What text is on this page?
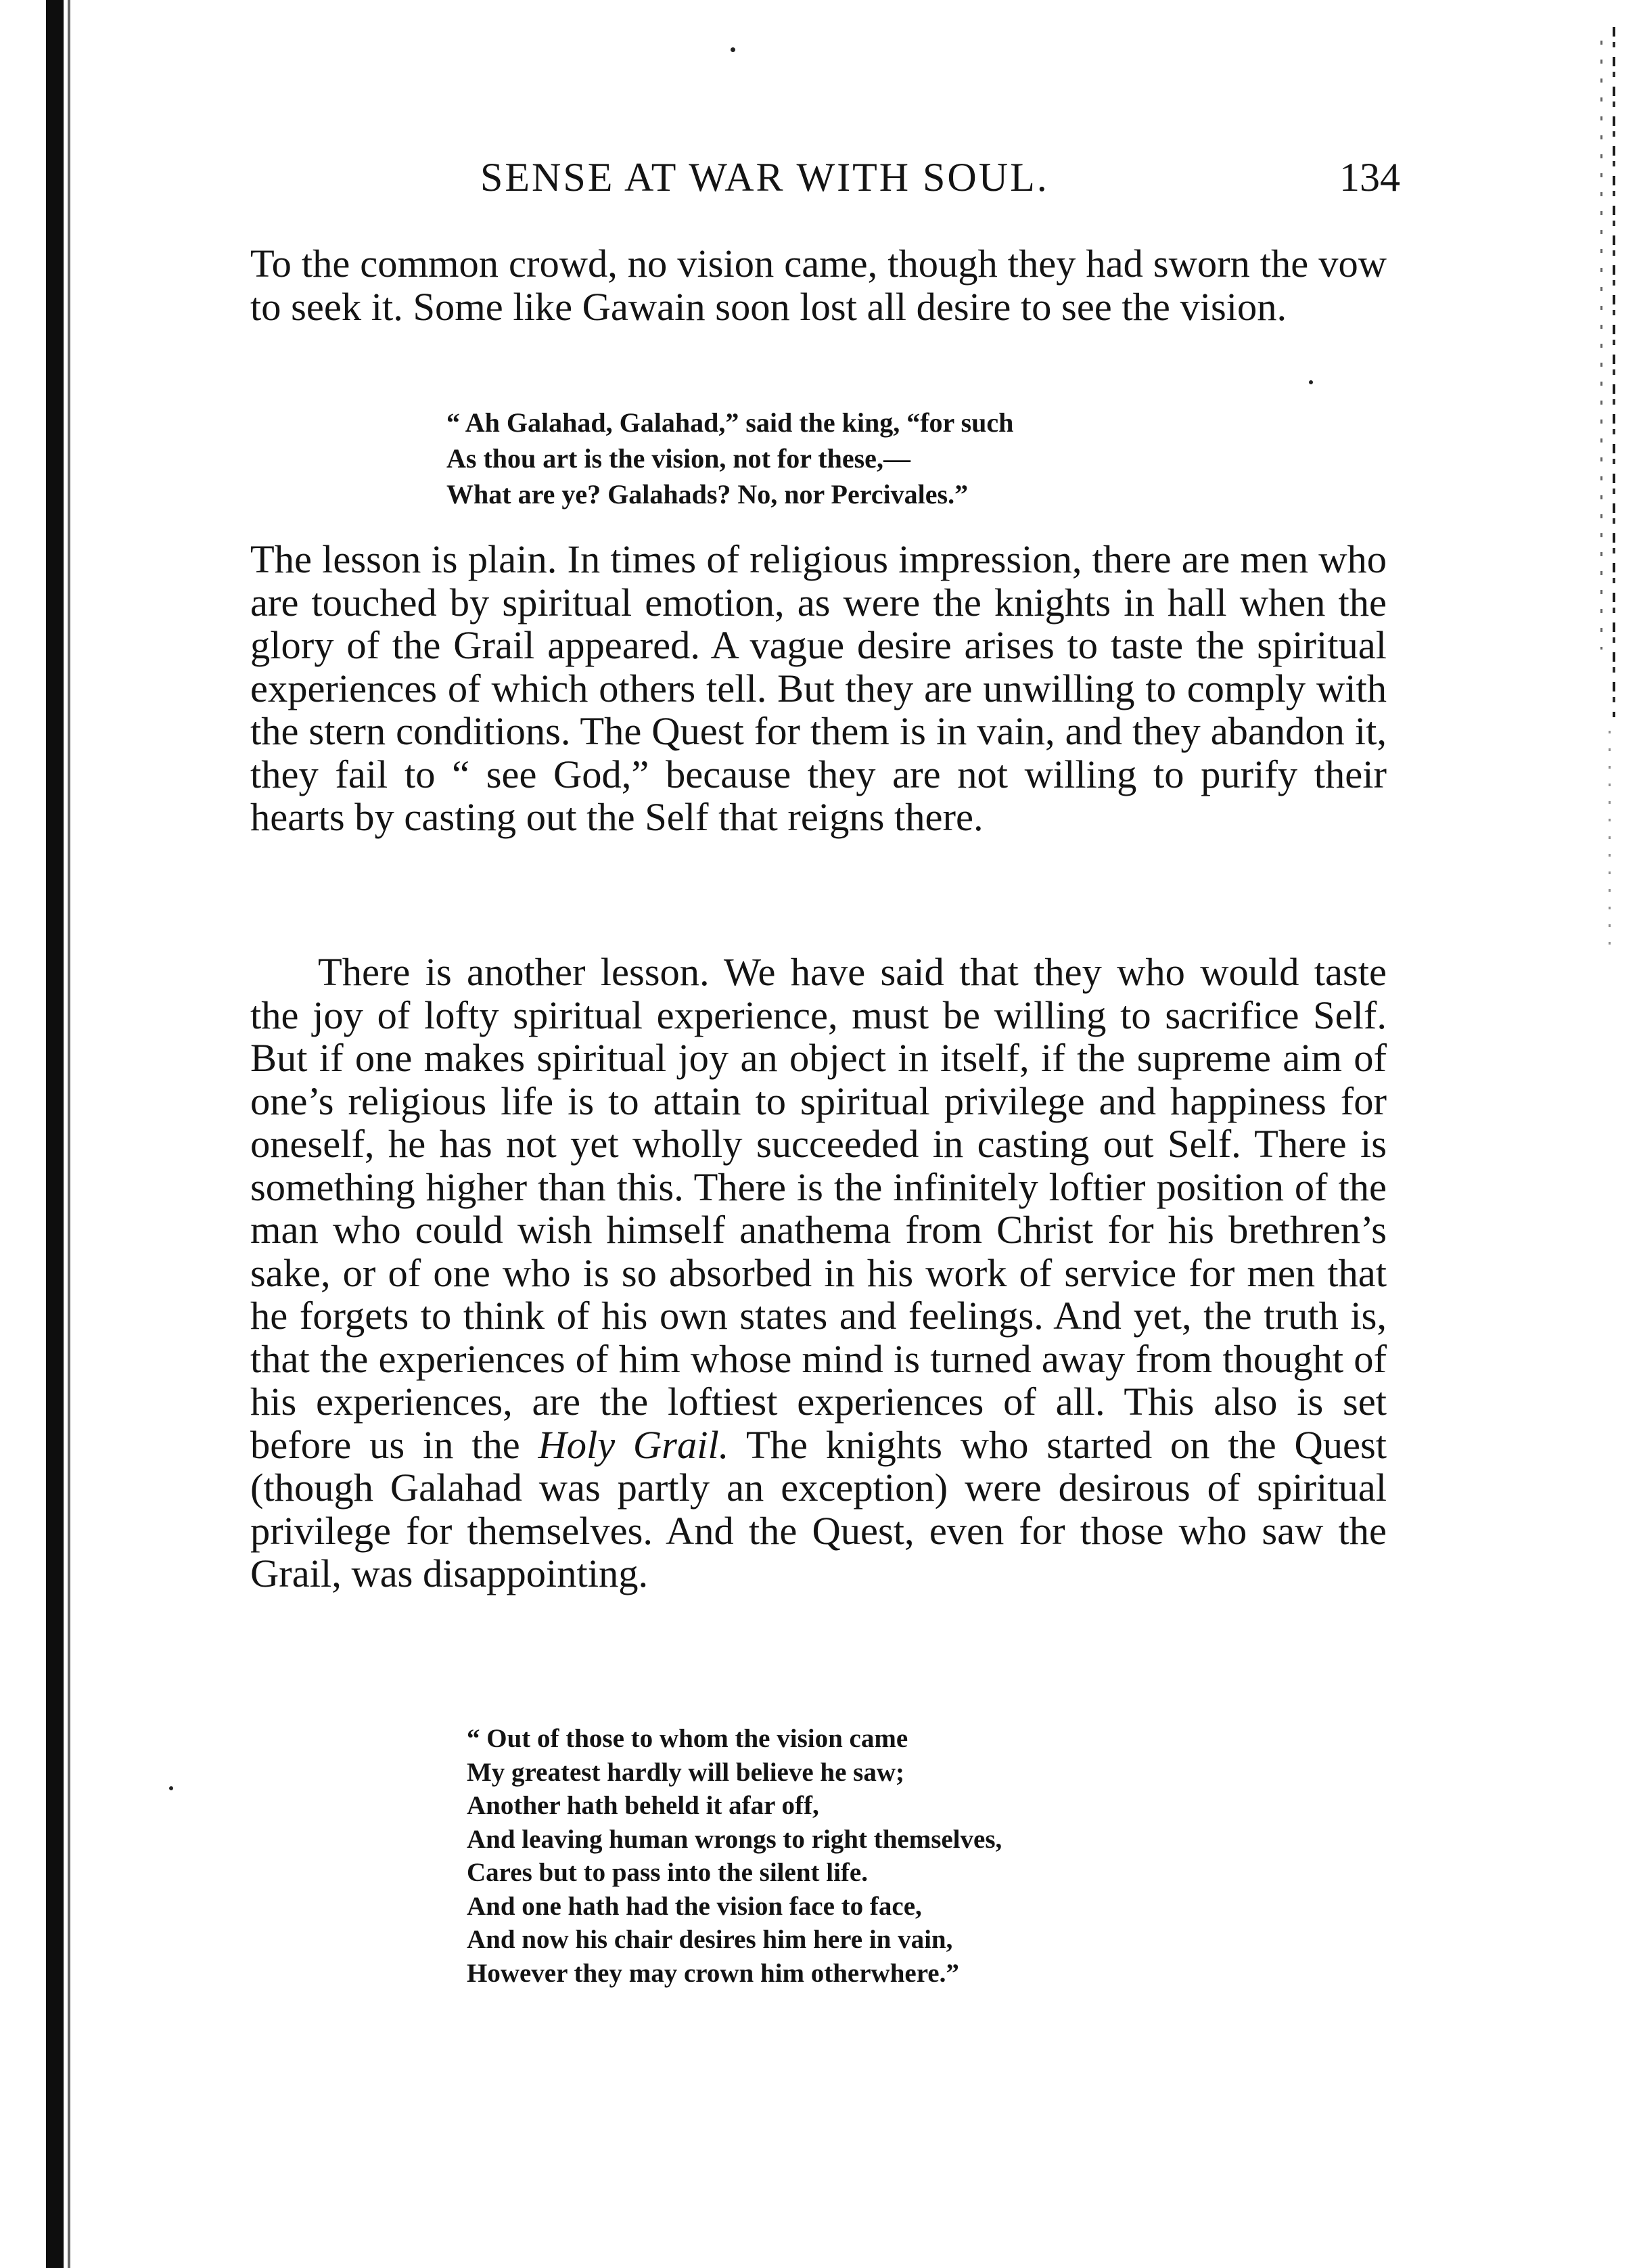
SENSE AT WAR WITH SOUL.	134

To the common crowd, no vision came, though they had sworn the vow to seek it. Some like Gawain soon lost all desire to see the vision.

“ Ah Galahad, Galahad,” said the king, “for such
As thou art is the vision, not for these,—
What are ye? Galahads? No, nor Percivales.”

The lesson is plain. In times of religious impression, there are men who are touched by spiritual emotion, as were the knights in hall when the glory of the Grail appeared. A vague desire arises to taste the spiritual experiences of which others tell. But they are unwilling to comply with the stern conditions. The Quest for them is in vain, and they abandon it, they fail to “ see God,” because they are not willing to purify their hearts by casting out the Self that reigns there.

There is another lesson. We have said that they who would taste the joy of lofty spiritual experience, must be willing to sacrifice Self. But if one makes spiritual joy an object in itself, if the supreme aim of one’s religious life is to attain to spiritual privilege and happiness for oneself, he has not yet wholly succeeded in casting out Self. There is something higher than this. There is the infinitely loftier position of the man who could wish himself anathema from Christ for his brethren’s sake, or of one who is so absorbed in his work of service for men that he forgets to think of his own states and feelings. And yet, the truth is, that the experiences of him whose mind is turned away from thought of his experiences, are the loftiest experiences of all. This also is set before us in the Holy Grail. The knights who started on the Quest (though Galahad was partly an exception) were desirous of spiritual privilege for themselves. And the Quest, even for those who saw the Grail, was disappointing.

“ Out of those to whom the vision came
My greatest hardly will believe he saw;
Another hath beheld it afar off,
And leaving human wrongs to right themselves,
Cares but to pass into the silent life.
And one hath had the vision face to face,
And now his chair desires him here in vain,
However they may crown him otherwhere.”
